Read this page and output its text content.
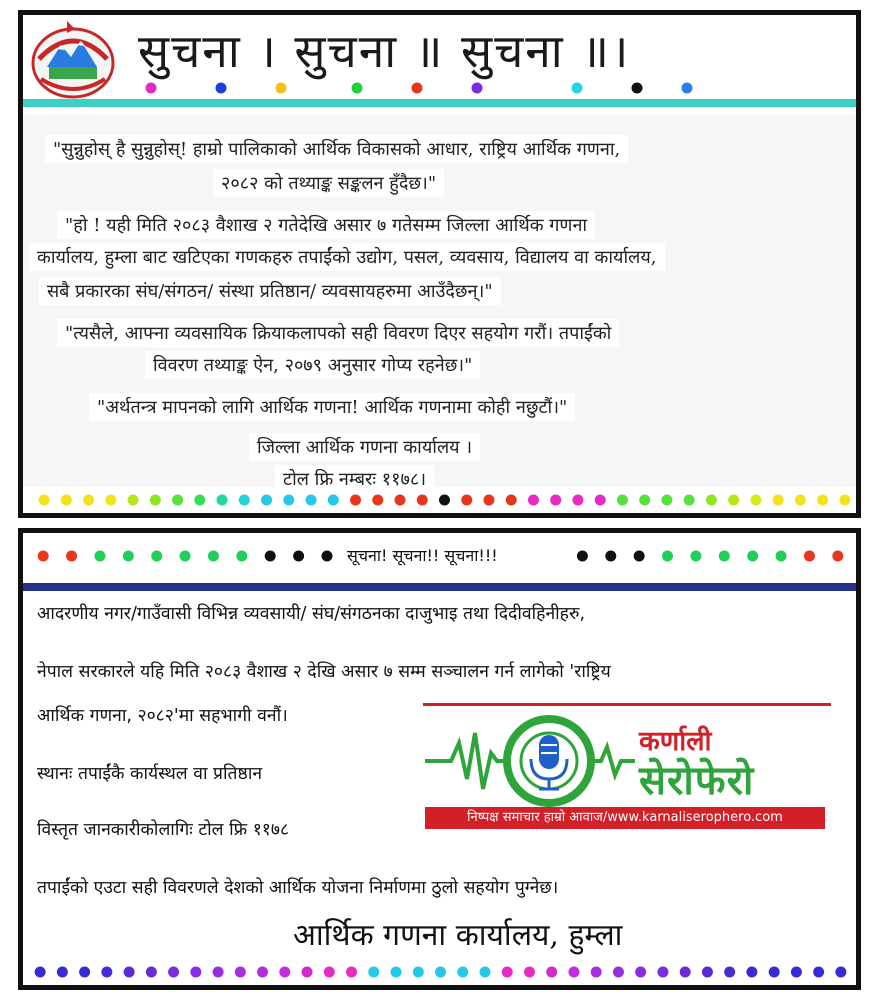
सुचना । सुचना ॥ सुचना ॥।
"सुन्नुहोस् है सुन्नुहोस्! हाम्रो पालिकाको आर्थिक विकासको आधार, राष्ट्रिय आर्थिक गणना,
२०८२ को तथ्याङ्क सङ्कलन हुँदैछ।"
"हो ! यही मिति २०८३ वैशाख २ गतेदेखि असार ७ गतेसम्म जिल्ला आर्थिक गणना
कार्यालय, हुम्ला बाट खटिएका गणकहरु तपाईंको उद्योग, पसल, व्यवसाय, विद्यालय वा कार्यालय,
सबै प्रकारका संघ/संगठन/ संस्था प्रतिष्ठान/ व्यवसायहरुमा आउँदैछन्।"
"त्यसैले, आफ्ना व्यवसायिक क्रियाकलापको सही विवरण दिएर सहयोग गरौं। तपाईंको
विवरण तथ्याङ्क ऐन, २०७९ अनुसार गोप्य रहनेछ।"
"अर्थतन्त्र मापनको लागि आर्थिक गणना! आर्थिक गणनामा कोही नछुटौं।"
जिल्ला आर्थिक गणना कार्यालय ।
टोल फ्रि नम्बरः ११७८।
सूचना! सूचना!! सूचना!!!
आदरणीय नगर/गाउँवासी विभिन्न व्यवसायी/ संघ/संगठनका दाजुभाइ तथा दिदीवहिनीहरु,
नेपाल सरकारले यहि मिति २०८३ वैशाख २ देखि असार ७ सम्म सञ्चालन गर्न लागेको 'राष्ट्रिय
आर्थिक गणना, २०८२'मा सहभागी वनौं।
स्थानः तपाईंकै कार्यस्थल वा प्रतिष्ठान
विस्तृत जानकारीकोलागिः टोल फ्रि ११७८
तपाईंको एउटा सही विवरणले देशको आर्थिक योजना निर्माणमा ठुलो सहयोग पुग्नेछ।
आर्थिक गणना कार्यालय, हुम्ला
कर्णाली
सेरोफेरो
निष्पक्ष समाचार हाम्रो आवाज/www.karnaliserophero.com
